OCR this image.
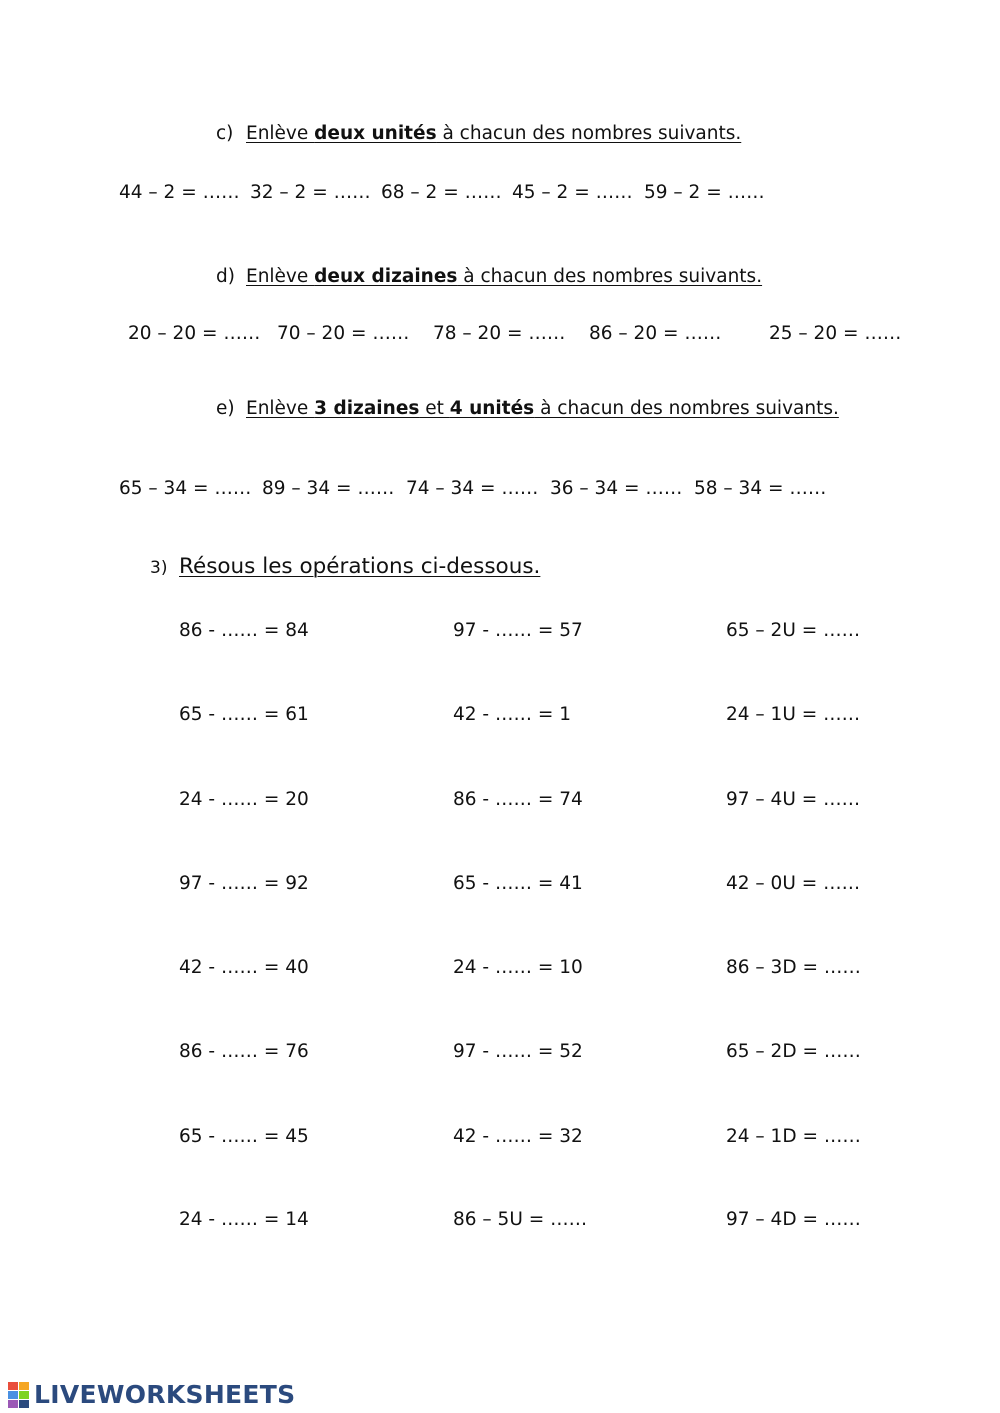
c) Enlève deux unités à chacun des nombres suivants.
44 – 2 = …… 32 – 2 = …… 68 – 2 = …… 45 – 2 = …… 59 – 2 = ……
d) Enlève deux dizaines à chacun des nombres suivants.
20 – 20 = …… 70 – 20 = …… 78 – 20 = …… 86 – 20 = ……	25 – 20 = ……
e) Enlève 3 dizaines et 4 unités à chacun des nombres suivants.
65 – 34 = …… 89 – 34 = …… 74 – 34 = …… 36 – 34 = …… 58 – 34 = ……
3) Résous les opérations ci-dessous.
86 - …… = 84
65 - …… = 61
24 - …… = 20
97 - …… = 92
42 - …… = 40
86 - …… = 76
65 - …… = 45
24 - …… = 14
97 - …… = 57
42 - …… = 1
86 - …… = 74
65 - …… = 41
24 - …… = 10
97 - …… = 52
42 - …… = 32
86 – 5U = ……
65 – 2U = ……
24 – 1U = ……
97 – 4U = ……
42 – 0U = ……
86 – 3D = ……
65 – 2D = ……
24 – 1D = ……
97 – 4D = ……
LIVEWORKSHEETS
